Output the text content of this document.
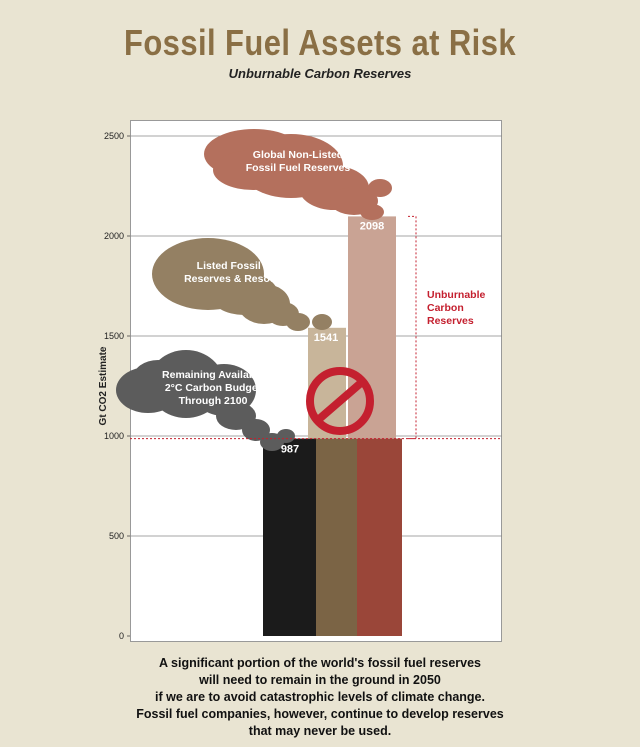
Fossil Fuel Assets at Risk
Unburnable Carbon Reserves
0
500
1000
1500
2000
2500
Gt CO2 Estimate	Remaining Available
2°C Carbon Budget
Through 2100
Listed Fossil Fuel
Reserves & Resources
Global Non-Listed
Fossil Fuel Reserves
987
1541
2098
Unburnable
Carbon
Reserves
A significant portion of the world's fossil fuel reserves
will need to remain in the ground in 2050
if we are to avoid catastrophic levels of climate change.
Fossil fuel companies, however, continue to develop reserves
that may never be used.
